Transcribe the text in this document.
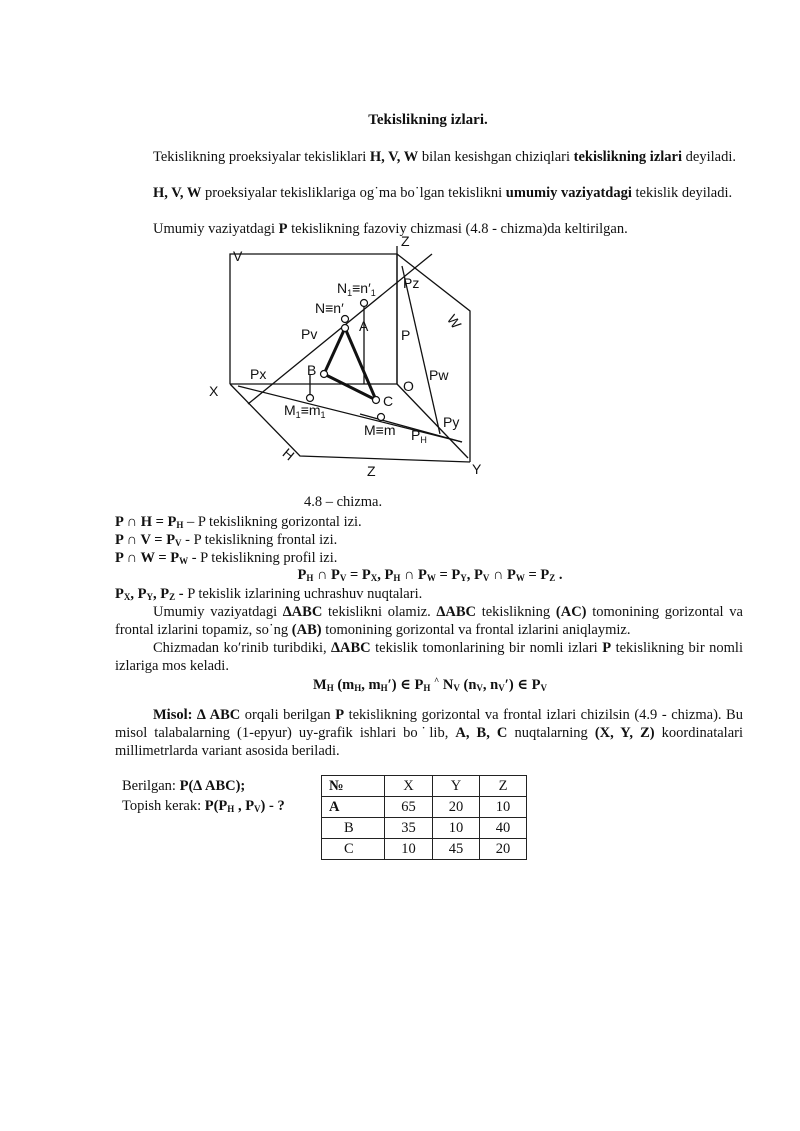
Tekislikning izlari.
Tekislikning proeksiyalar tekisliklari H, V, W bilan kesishgan chiziqlari tekislikning izlari deyiladi.
H, V, W proeksiyalar tekisliklariga og˙ma bo˙lgan tekislikni umumiy vaziyatdagi tekislik deyiladi.
Umumiy vaziyatdagi P tekislikning fazoviy chizmasi (4.8 - chizma)da keltirilgan.
V
Z
Pz
W
$N_1\equiv n'_1$
N≡n′
A
Pv	P
Px	B
O
Pw
X
C
$M_1\equiv m_1$	Py
M≡m $P_H$
H
Z	Y
4.8 – chizma.
P ∩ $H = P_H - P$ tekislikning gorizontal izi.
P ∩ $V = P_V - P$ tekislikning frontal izi.
P ∩ $W = P_W - P$ tekislikning profil izi.
$P_H$ ∩ $P_V = P_X$, $P_H$ ∩ $P_W = P_Y$, $P_V$ ∩ $P_W = P_Z$ .
$P_X$, $P_Y$, $P_Z$ - P tekislik izlarining uchrashuv nuqtalari.
Umumiy vaziyatdagi ∆ABC tekislikni olamiz. ∆ABC tekislikning (AC) tomonining gorizontal va frontal izlarini topamiz, so˙ng (AB) tomonining gorizontal va frontal izlarini aniqlaymiz.
Chizmadan ko′rinib turibdiki, ∆ABC tekislik tomonlarining bir nomli izlari P tekislikning bir nomli izlariga mos keladi.
$M_H$ ($m_H$, $m_H'$) ∈ $P_H$ ^ $N_V$ ($n_V$, $n_V'$) ∈ $P_V$
Misol: ∆ ABC orqali berilgan P tekislikning gorizontal va frontal izlari chizilsin (4.9 - chizma). Bu misol talabalarning (1-epyur) uy-grafik ishlari bo˙lib, A, B, C nuqtalarning (X, Y, Z) koordinatalari millimetrlarda variant asosida beriladi.
Berilgan: P(∆ ABC);
Topish kerak: $P(P_H$ , $P_V$) - ?
№	X	Y	Z
A	65	20	10
B	35	10	40
C	10	45	20
